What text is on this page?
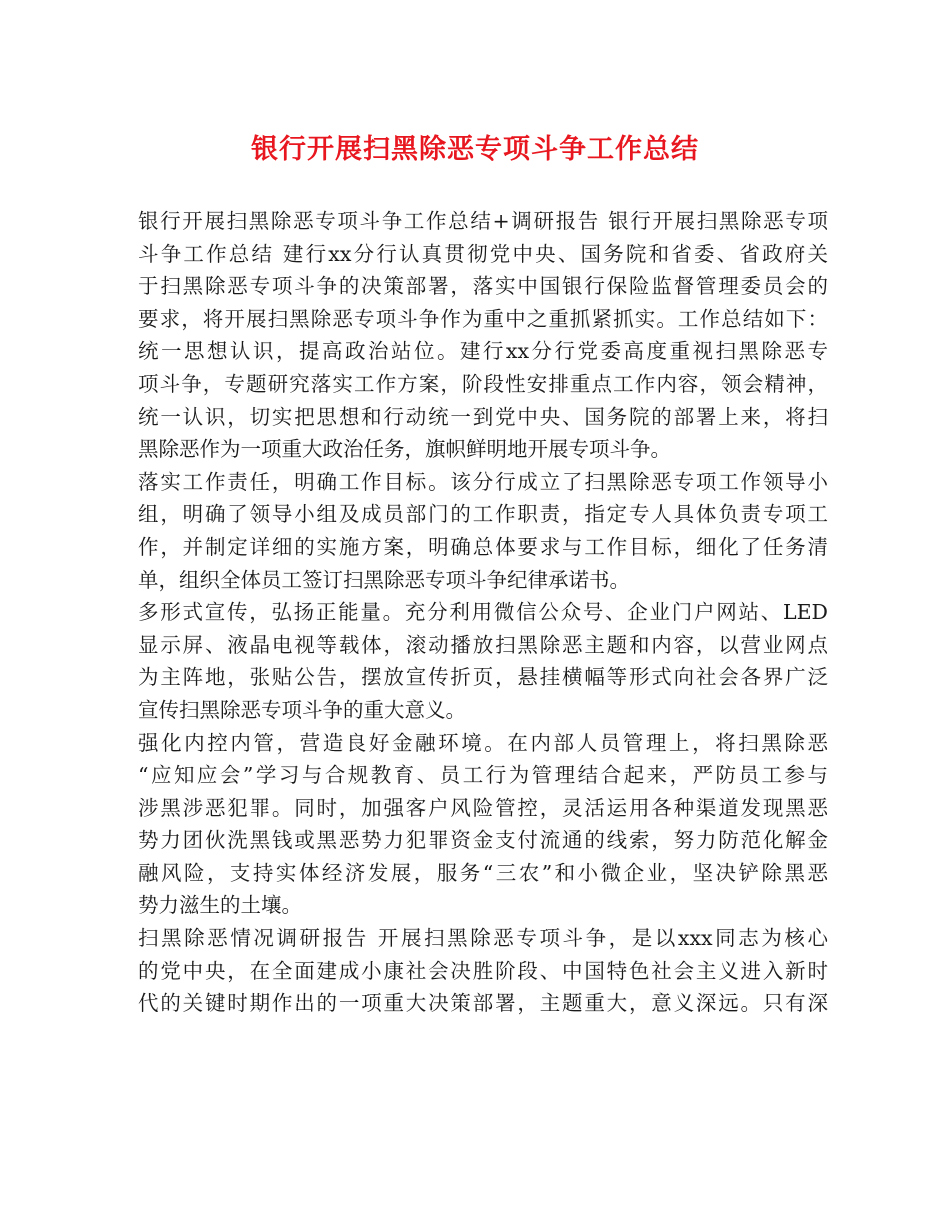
银行开展扫黑除恶专项斗争工作总结
银行开展扫黑除恶专项斗争工作总结+调研报告 银行开展扫黑除恶专项
斗争工作总结 建行xx分行认真贯彻党中央、国务院和省委、省政府关
于扫黑除恶专项斗争的决策部署，落实中国银行保险监督管理委员会的
要求，将开展扫黑除恶专项斗争作为重中之重抓紧抓实。工作总结如下：
统一思想认识，提高政治站位。建行xx分行党委高度重视扫黑除恶专
项斗争，专题研究落实工作方案，阶段性安排重点工作内容，领会精神，
统一认识，切实把思想和行动统一到党中央、国务院的部署上来，将扫
黑除恶作为一项重大政治任务，旗帜鲜明地开展专项斗争。
落实工作责任，明确工作目标。该分行成立了扫黑除恶专项工作领导小
组，明确了领导小组及成员部门的工作职责，指定专人具体负责专项工
作，并制定详细的实施方案，明确总体要求与工作目标，细化了任务清
单，组织全体员工签订扫黑除恶专项斗争纪律承诺书。
多形式宣传，弘扬正能量。充分利用微信公众号、企业门户网站、LED
显示屏、液晶电视等载体，滚动播放扫黑除恶主题和内容，以营业网点
为主阵地，张贴公告，摆放宣传折页，悬挂横幅等形式向社会各界广泛
宣传扫黑除恶专项斗争的重大意义。
强化内控内管，营造良好金融环境。在内部人员管理上，将扫黑除恶
“应知应会”学习与合规教育、员工行为管理结合起来，严防员工参与
涉黑涉恶犯罪。同时，加强客户风险管控，灵活运用各种渠道发现黑恶
势力团伙洗黑钱或黑恶势力犯罪资金支付流通的线索，努力防范化解金
融风险，支持实体经济发展，服务“三农”和小微企业，坚决铲除黑恶
势力滋生的土壤。
扫黑除恶情况调研报告 开展扫黑除恶专项斗争，是以xxx同志为核心
的党中央，在全面建成小康社会决胜阶段、中国特色社会主义进入新时
代的关键时期作出的一项重大决策部署，主题重大，意义深远。只有深
